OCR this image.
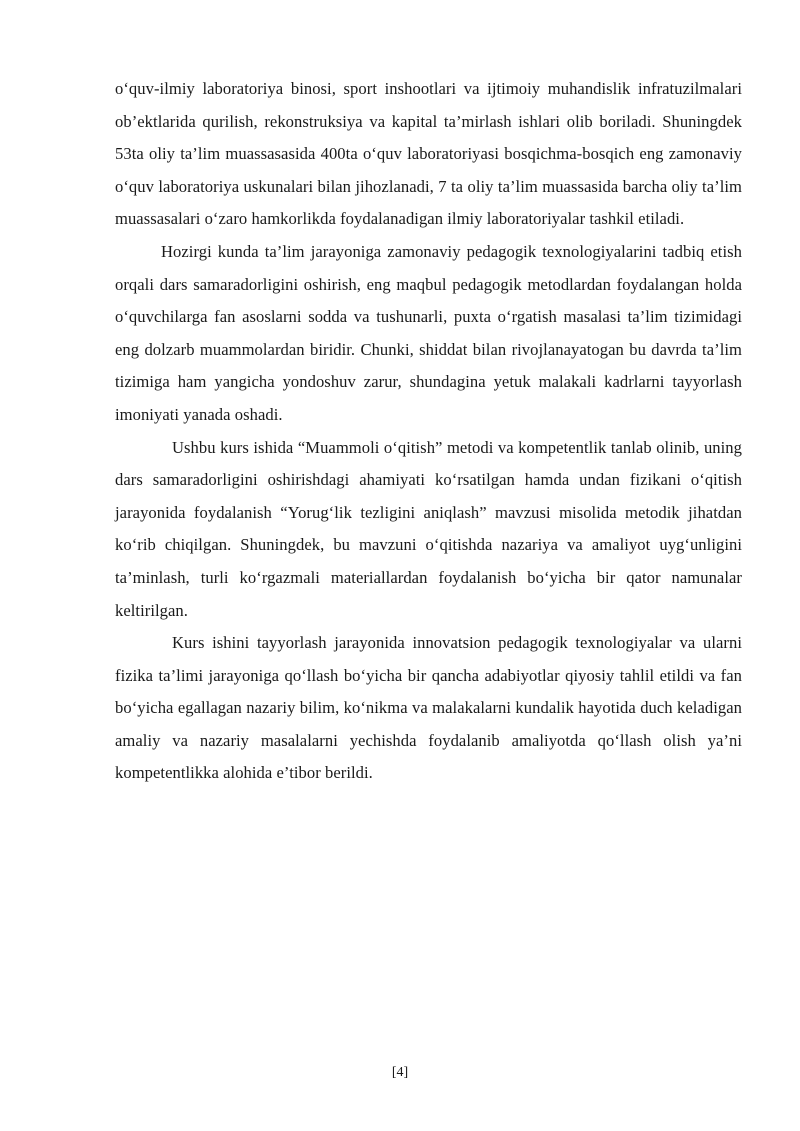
o‘quv-ilmiy laboratoriya binosi, sport inshootlari va ijtimoiy muhandislik infratuzilmalari ob’ektlarida qurilish, rekonstruksiya va kapital ta’mirlash ishlari olib boriladi. Shuningdek 53ta oliy ta’lim muassasasida 400ta o‘quv laboratoriyasi bosqichma-bosqich eng zamonaviy o‘quv laboratoriya uskunalari bilan jihozlanadi, 7 ta oliy ta’lim muassasida barcha oliy ta’lim muassasalari o‘zaro hamkorlikda foydalanadigan ilmiy laboratoriyalar tashkil etiladi.

Hozirgi kunda ta’lim jarayoniga zamonaviy pedagogik texnologiyalarini tadbiq etish orqali dars samaradorligini oshirish, eng maqbul pedagogik metodlardan foydalangan holda o‘quvchilarga fan asoslarni sodda va tushunarli, puxta o‘rgatish masalasi ta’lim tizimidagi eng dolzarb muammolardan biridir. Chunki, shiddat bilan rivojlanayatogan bu davrda ta’lim tizimiga ham yangicha yondoshuv zarur, shundagina yetuk malakali kadrlarni tayyorlash imoniyati yanada oshadi.

Ushbu kurs ishida “Muammoli o‘qitish” metodi va kompetentlik tanlab olinib, uning dars samaradorligini oshirishdagi ahamiyati ko‘rsatilgan hamda undan fizikani o‘qitish jarayonida foydalanish “Yorug‘lik tezligini aniqlash” mavzusi misolida metodik jihatdan ko‘rib chiqilgan. Shuningdek, bu mavzuni o‘qitishda nazariya va amaliyot uyg‘unligini ta’minlash, turli ko‘rgazmali materiallardan foydalanish bo‘yicha bir qator namunalar keltirilgan.

Kurs ishini tayyorlash jarayonida innovatsion pedagogik texnologiyalar va ularni fizika ta’limi jarayoniga qo‘llash bo‘yicha bir qancha adabiyotlar qiyosiy tahlil etildi va fan bo‘yicha egallagan nazariy bilim, ko‘nikma va malakalarni kundalik hayotida duch keladigan amaliy va nazariy masalalarni yechishda foydalanib amaliyotda qo‘llash olish ya’ni kompetentlikka alohida e’tibor berildi.

[4]
